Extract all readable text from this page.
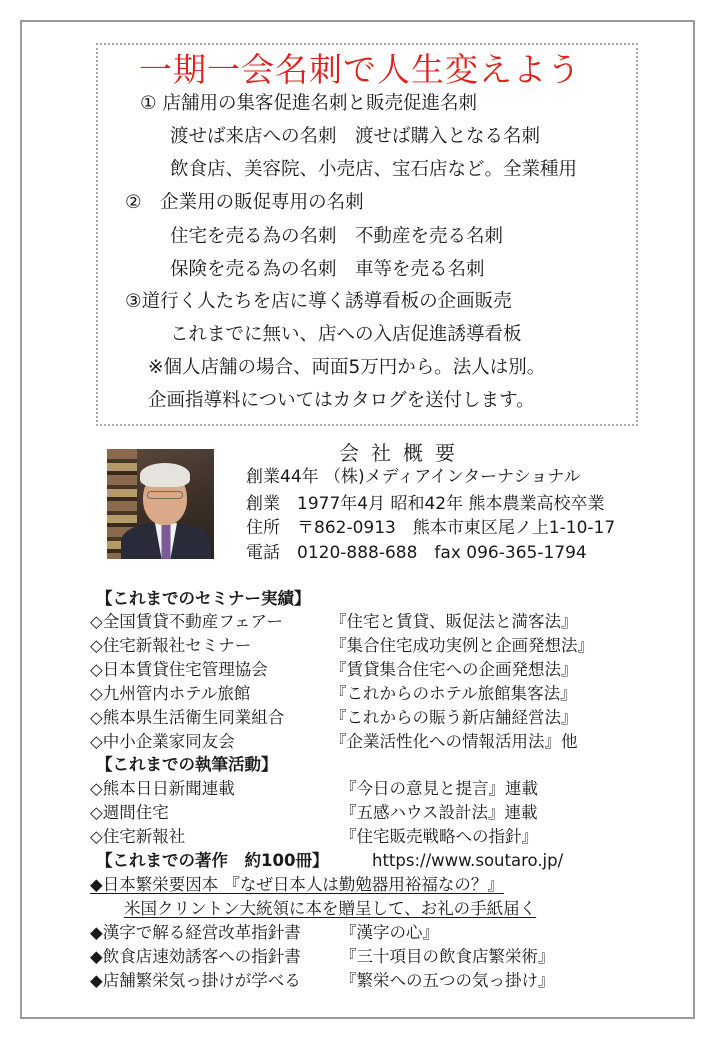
一期一会名刺で人生変えよう
① 店舗用の集客促進名刺と販売促進名刺
渡せば来店への名刺　渡せば購入となる名刺
飲食店、美容院、小売店、宝石店など。全業種用
②　企業用の販促専用の名刺
住宅を売る為の名刺　不動産を売る名刺
保険を売る為の名刺　車等を売る名刺
③道行く人たちを店に導く誘導看板の企画販売
これまでに無い、店への入店促進誘導看板
※個人店舗の場合、両面5万円から。法人は別。
企画指導料についてはカタログを送付します。
会社概要
創業44年 （株)メディアインターナショナル
創業　1977年4月 昭和42年 熊本農業高校卒業
住所　〒862-0913　熊本市東区尾ノ上1-10-17
電話　0120-888-688　fax 096-365-1794
【これまでのセミナー実績】
◇全国賃貸不動産フェアー	『住宅と賃貸、販促法と満客法』
◇住宅新報社セミナー	『集合住宅成功実例と企画発想法』
◇日本賃貸住宅管理協会	『賃貸集合住宅への企画発想法』
◇九州管内ホテル旅館	『これからのホテル旅館集客法』
◇熊本県生活衛生同業組合	『これからの賑う新店舗経営法』
◇中小企業家同友会	『企業活性化への情報活用法』他
【これまでの執筆活動】
◇熊本日日新聞連載	『今日の意見と提言』連載
◇週間住宅	『五感ハウス設計法』連載
◇住宅新報社	『住宅販売戦略への指針』
【これまでの著作　約100冊】	https://www.soutaro.jp/
◆日本繁栄要因本 『なぜ日本人は勤勉器用裕福なの？』
米国クリントン大統領に本を贈呈して、お礼の手紙届く
◆漢字で解る経営改革指針書 『漢字の心』
◆飲食店速効誘客への指針書 『三十項目の飲食店繁栄術』
◆店舗繁栄気っ掛けが学べる 『繁栄への五つの気っ掛け』
